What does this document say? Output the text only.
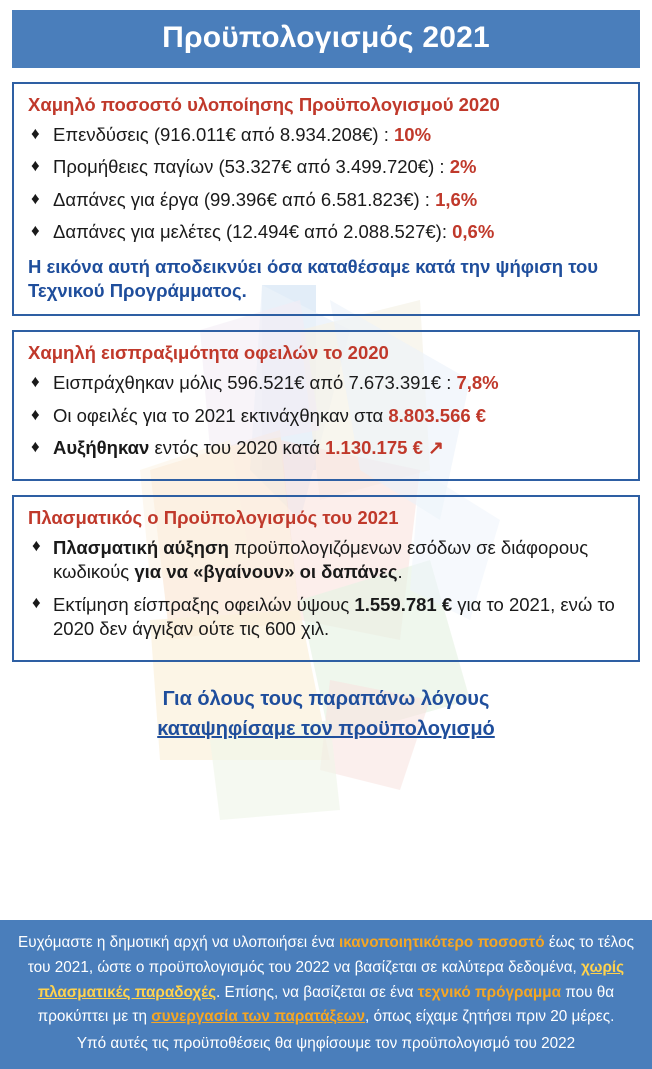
Προϋπολογισμός 2021
Χαμηλό ποσοστό υλοποίησης Προϋπολογισμού 2020
♦ Επενδύσεις (916.011€ από 8.934.208€) : 10%
♦ Προμήθειες παγίων (53.327€ από 3.499.720€) : 2%
♦ Δαπάνες για έργα (99.396€ από 6.581.823€) : 1,6%
♦ Δαπάνες για μελέτες (12.494€ από 2.088.527€): 0,6%
Η εικόνα αυτή αποδεικνύει όσα καταθέσαμε κατά την ψήφιση του Τεχνικού Προγράμματος.
Χαμηλή εισπραξιμότητα οφειλών το 2020
♦ Εισπράχθηκαν μόλις 596.521€ από 7.673.391€ : 7,8%
♦ Οι οφειλές για το 2021 εκτινάχθηκαν στα 8.803.566 €
♦ Αυξήθηκαν εντός του 2020 κατά 1.130.175 € ↗
Πλασματικός ο Προϋπολογισμός του 2021
♦ Πλασματική αύξηση προϋπολογιζόμενων εσόδων σε διάφορους κωδικούς για να «βγαίνουν» οι δαπάνες.
♦ Εκτίμηση είσπραξης οφειλών ύψους 1.559.781 € για το 2021, ενώ το 2020 δεν άγγιξαν ούτε τις 600 χιλ.
Για όλους τους παραπάνω λόγους
καταψηφίσαμε τον προϋπολογισμό
Ευχόμαστε η δημοτική αρχή να υλοποιήσει ένα ικανοποιητικότερο ποσοστό έως το τέλος του 2021, ώστε ο προϋπολογισμός του 2022 να βασίζεται σε καλύτερα δεδομένα, χωρίς πλασματικές παραδοχές. Επίσης, να βασίζεται σε ένα τεχνικό πρόγραμμα που θα προκύπτει με τη συνεργασία των παρατάξεων, όπως είχαμε ζητήσει πριν 20 μέρες.
Υπό αυτές τις προϋποθέσεις θα ψηφίσουμε τον προϋπολογισμό του 2022
